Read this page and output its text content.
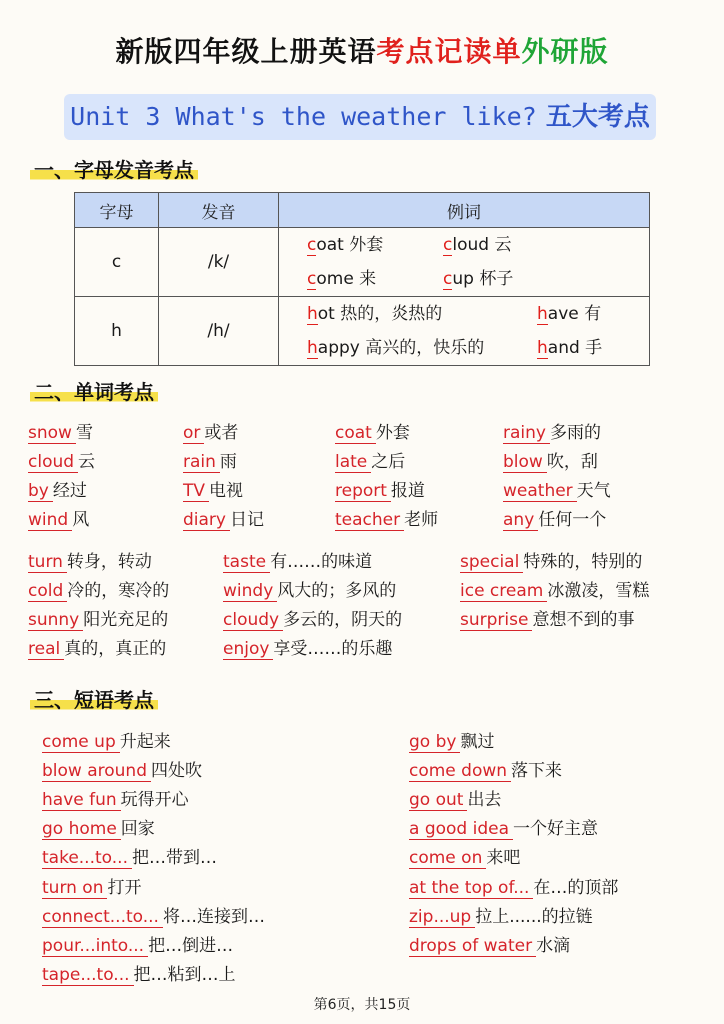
新版四年级上册英语考点记读单外研版
Unit 3 What's the weather like? 五大考点
一、字母发音考点
字母	发音	例词
c	/k/	coat 外套 cloud 云
come 来 cup 杯子

h	/h/	hot 热的，炎热的 have 有
happy 高兴的，快乐的 hand 手
二、单词考点
snow 雪	or 或者	coat 外套	rainy 多雨的
cloud 云	rain 雨	late 之后	blow 吹，刮
by 经过	TV 电视	report 报道	weather 天气
wind 风	diary 日记	teacher 老师	any 任何一个
turn 转身，转动	taste 有……的味道	special 特殊的，特别的
cold 冷的，寒冷的	windy 风大的；多风的	ice cream 冰激凌，雪糕
sunny 阳光充足的	cloudy 多云的，阴天的	surprise 意想不到的事
real 真的，真正的	enjoy 享受……的乐趣
三、短语考点
come up 升起来
blow around 四处吹
have fun 玩得开心
go home 回家
take...to... 把…带到…
turn on 打开
connect...to... 将…连接到…
pour...into... 把…倒进…
tape...to... 把…粘到…上
go by 飘过
come down 落下来
go out 出去
a good idea 一个好主意
come on 来吧
at the top of... 在…的顶部
zip...up 拉上......的拉链
drops of water 水滴
第6页，共15页
